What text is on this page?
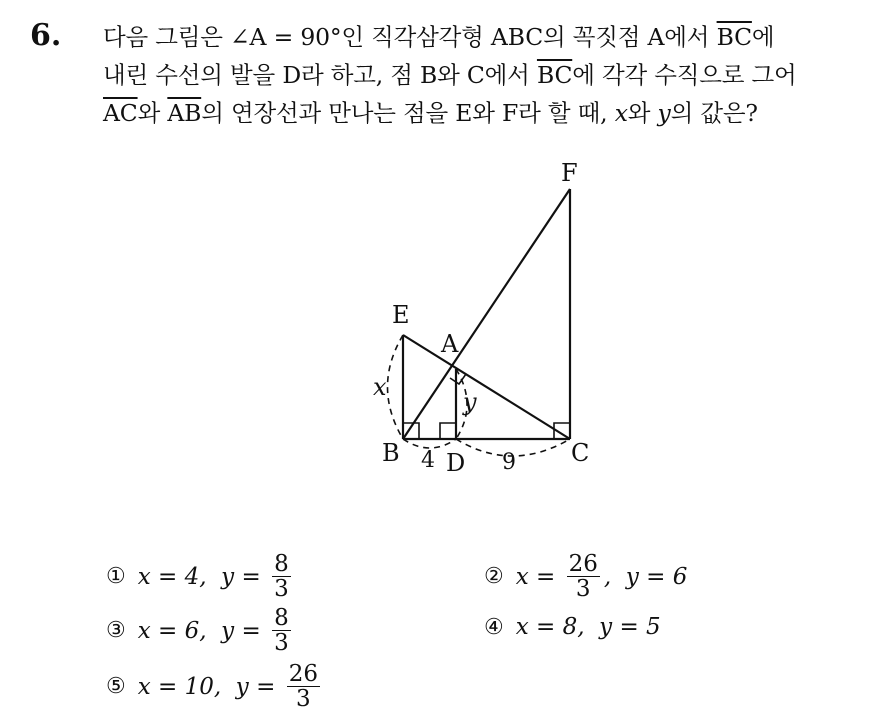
6. 다음 그림은 ∠A = 90°인 직각삼각형 ABC의 꼭짓점 A에서 $\overline{BC}$에
내린 수선의 발을 D라 하고, 점 B와 C에서 $\overline{BC}$에 각각 수직으로 그어
$\overline{AC}$와 $\overline{AB}$의 연장선과 만나는 점을 E와 F라 할 때, x와 y의 값은?
E
A
F
B D	C
x
y
4	9
① x = 4,  $y = \frac{8}{3}$	② $x = \frac{26}{3}$ ,  y = 6
③ x = 6,  $y = \frac{8}{3}$	④ x = 8,  y = 5
⑤ x = 10,  $y = \frac{26}{3}$
